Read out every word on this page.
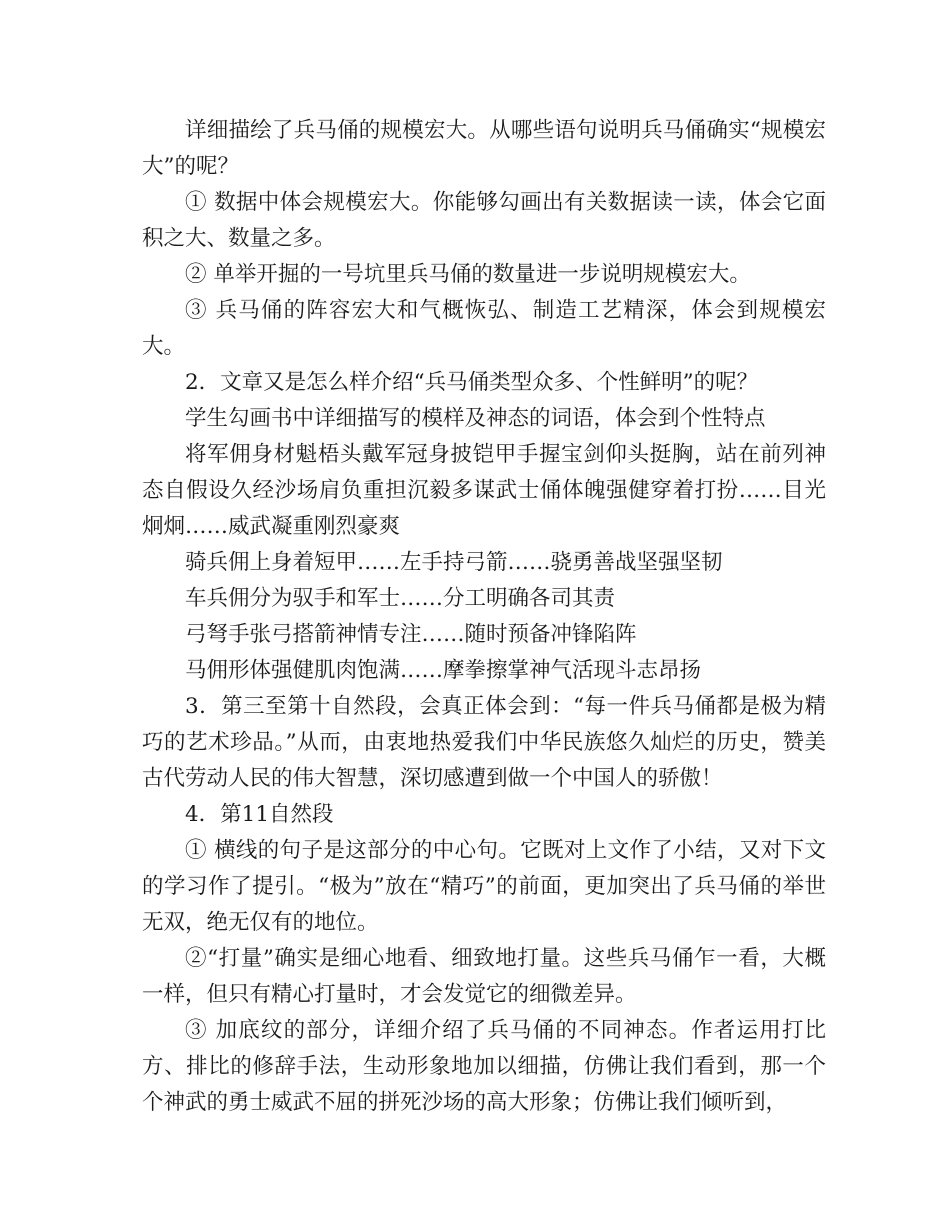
详细描绘了兵马俑的规模宏大。从哪些语句说明兵马俑确实“规模宏大”的呢？

① 数据中体会规模宏大。你能够勾画出有关数据读一读，体会它面积之大、数量之多。

② 单举开掘的一号坑里兵马俑的数量进一步说明规模宏大。

③ 兵马俑的阵容宏大和气概恢弘、制造工艺精深，体会到规模宏大。

2．文章又是怎么样介绍“兵马俑类型众多、个性鲜明”的呢？

学生勾画书中详细描写的模样及神态的词语，体会到个性特点

将军佣身材魁梧头戴军冠身披铠甲手握宝剑仰头挺胸，站在前列神态自假设久经沙场肩负重担沉毅多谋武士俑体魄强健穿着打扮……目光炯炯……威武凝重刚烈豪爽

骑兵佣上身着短甲……左手持弓箭……骁勇善战坚强坚韧

车兵佣分为驭手和军士……分工明确各司其责

弓弩手张弓搭箭神情专注……随时预备冲锋陷阵

马佣形体强健肌肉饱满……摩拳擦掌神气活现斗志昂扬

3．第三至第十自然段，会真正体会到：“每一件兵马俑都是极为精巧的艺术珍品。”从而，由衷地热爱我们中华民族悠久灿烂的历史，赞美古代劳动人民的伟大智慧，深切感遭到做一个中国人的骄傲！

4．第11自然段

① 横线的句子是这部分的中心句。它既对上文作了小结，又对下文的学习作了提引。“极为”放在“精巧”的前面，更加突出了兵马俑的举世无双，绝无仅有的地位。

②“打量”确实是细心地看、细致地打量。这些兵马俑乍一看，大概一样，但只有精心打量时，才会发觉它的细微差异。

③ 加底纹的部分，详细介绍了兵马俑的不同神态。作者运用打比方、排比的修辞手法，生动形象地加以细描，仿佛让我们看到，那一个个神武的勇士威武不屈的拼死沙场的高大形象；仿佛让我们倾听到，
